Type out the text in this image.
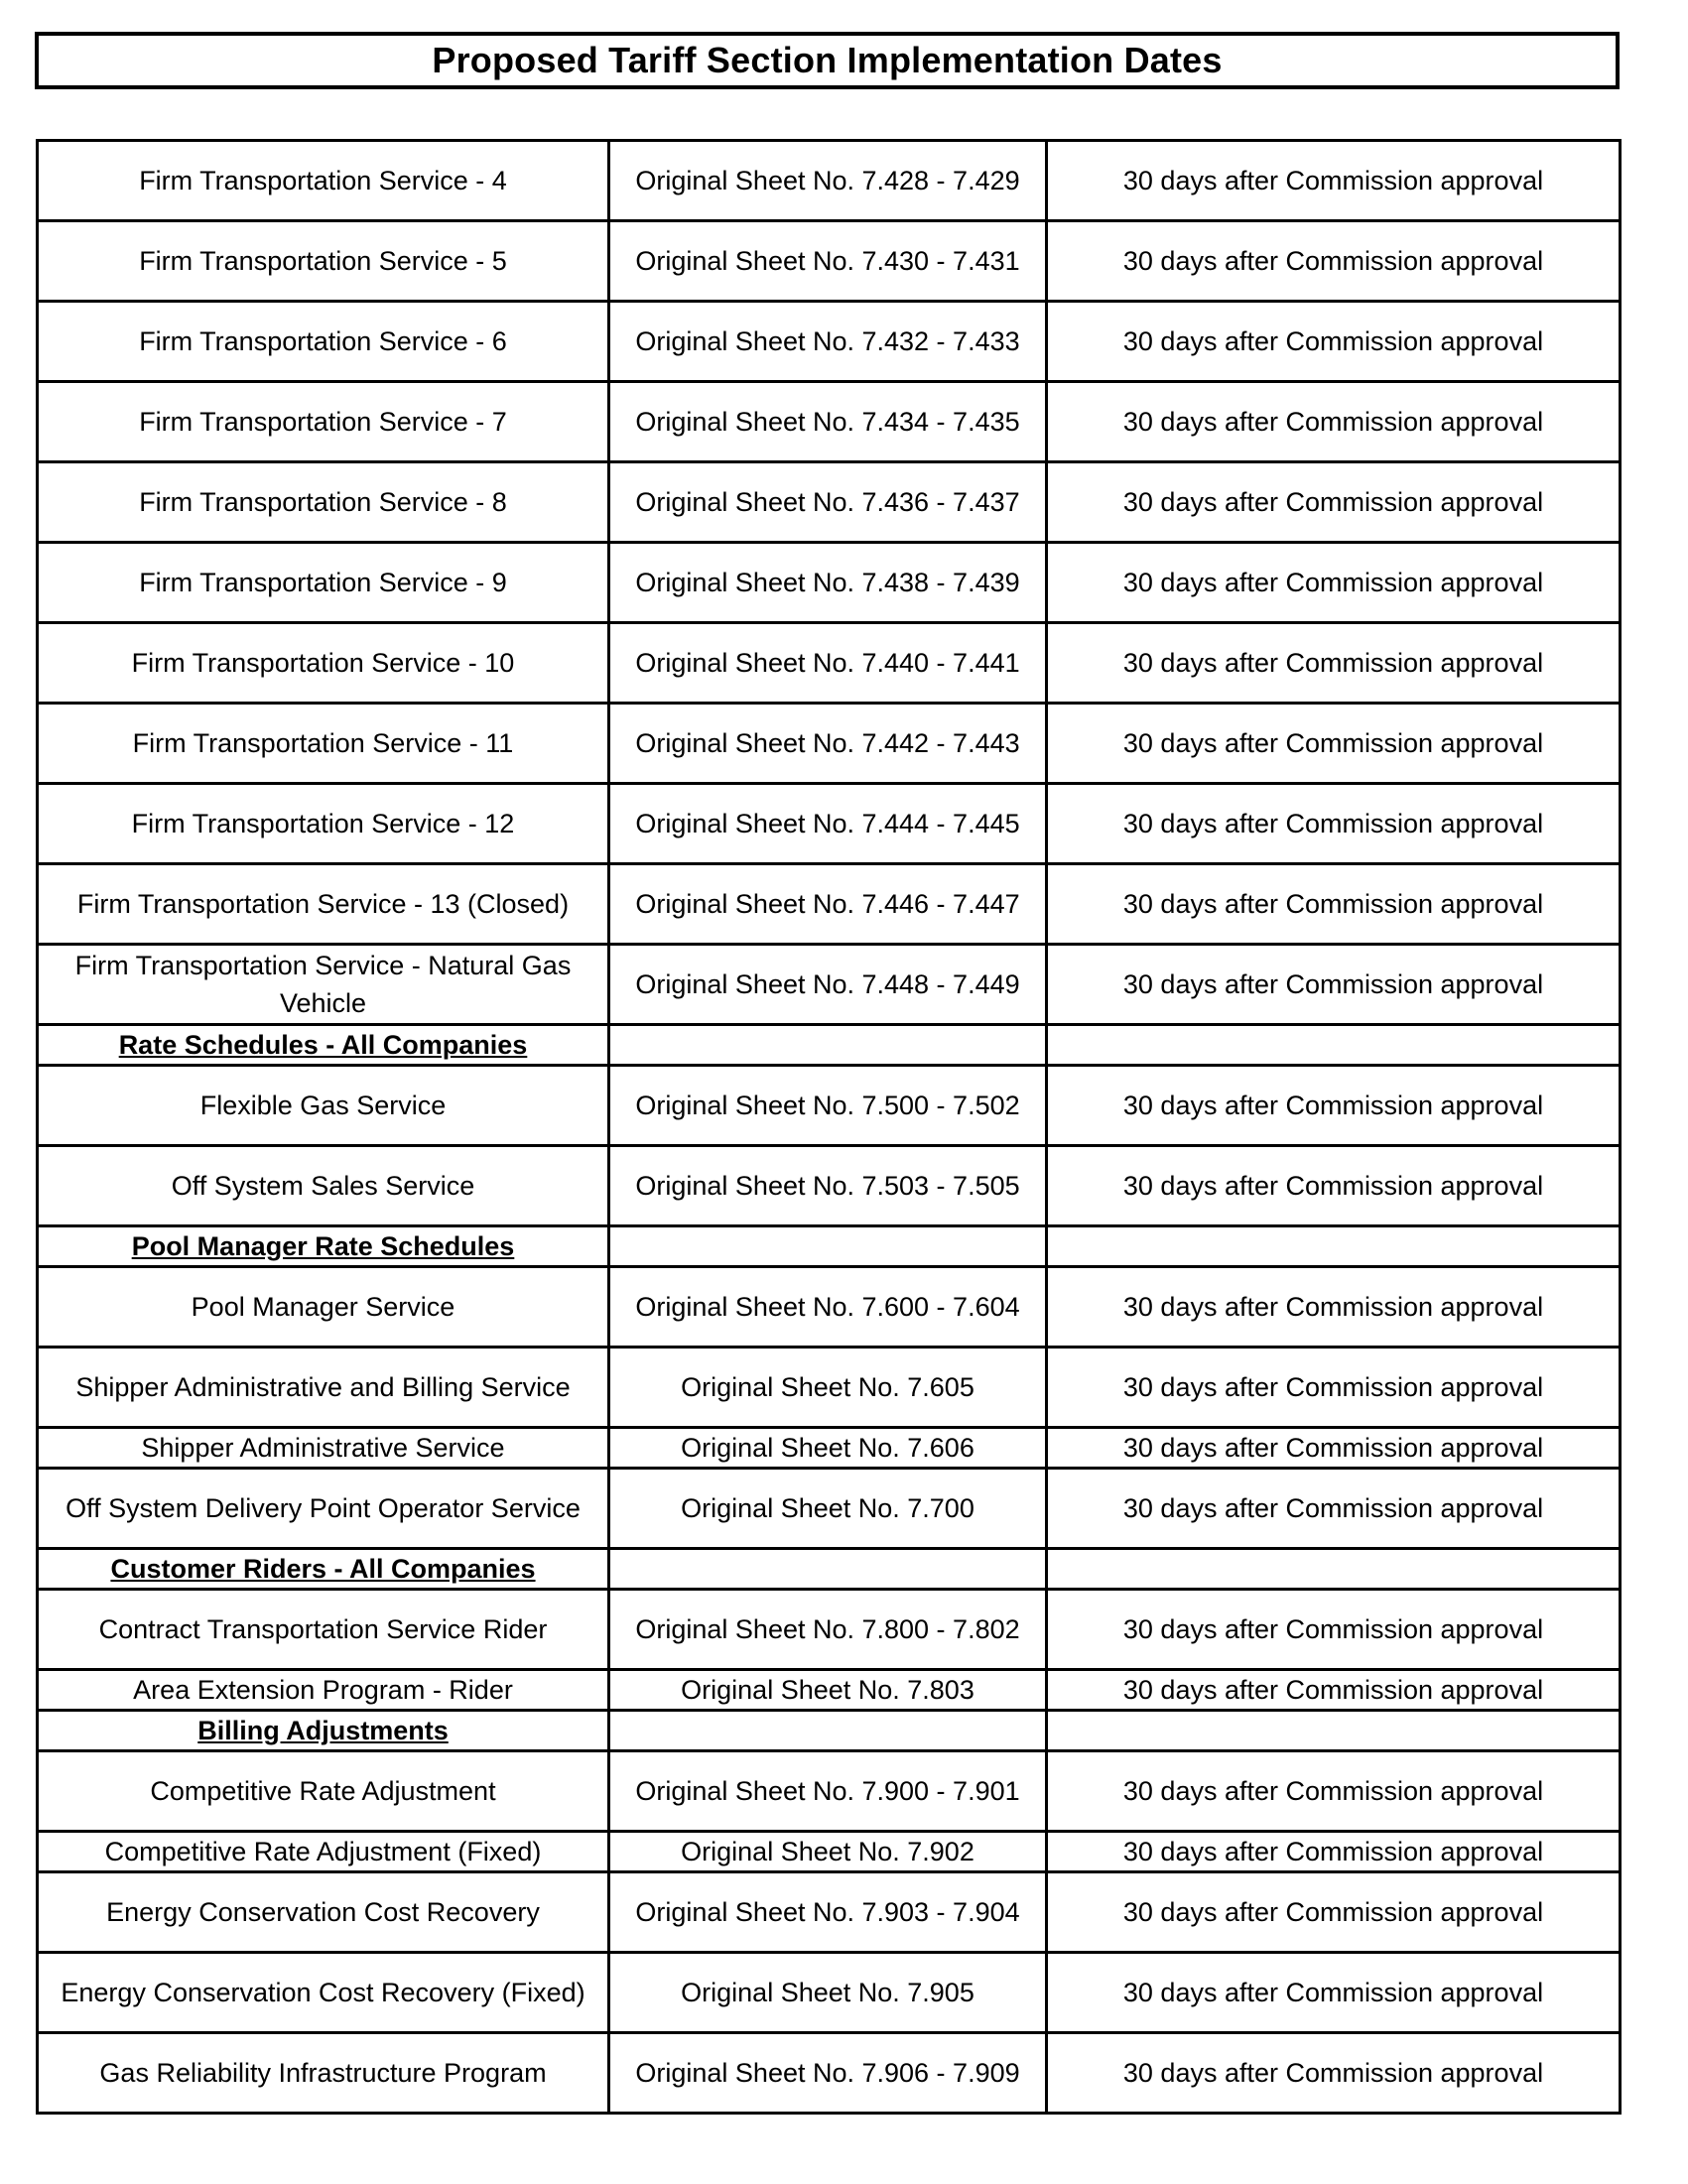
Proposed Tariff Section Implementation Dates
Firm Transportation Service - 4	Original Sheet No. 7.428 - 7.429	30 days after Commission approval
Firm Transportation Service - 5	Original Sheet No. 7.430 - 7.431	30 days after Commission approval
Firm Transportation Service - 6	Original Sheet No. 7.432 - 7.433	30 days after Commission approval
Firm Transportation Service - 7	Original Sheet No. 7.434 - 7.435	30 days after Commission approval
Firm Transportation Service - 8	Original Sheet No. 7.436 - 7.437	30 days after Commission approval
Firm Transportation Service - 9	Original Sheet No. 7.438 - 7.439	30 days after Commission approval
Firm Transportation Service - 10	Original Sheet No. 7.440 - 7.441	30 days after Commission approval
Firm Transportation Service - 11	Original Sheet No. 7.442 - 7.443	30 days after Commission approval
Firm Transportation Service - 12	Original Sheet No. 7.444 - 7.445	30 days after Commission approval
Firm Transportation Service - 13 (Closed)	Original Sheet No. 7.446 - 7.447	30 days after Commission approval
Firm Transportation Service - Natural Gas Vehicle	Original Sheet No. 7.448 - 7.449	30 days after Commission approval
Rate Schedules - All Companies		
Flexible Gas Service	Original Sheet No. 7.500 - 7.502	30 days after Commission approval
Off System Sales Service	Original Sheet No. 7.503 - 7.505	30 days after Commission approval
Pool Manager Rate Schedules		
Pool Manager Service	Original Sheet No. 7.600 - 7.604	30 days after Commission approval
Shipper Administrative and Billing Service	Original Sheet No. 7.605	30 days after Commission approval
Shipper Administrative Service	Original Sheet No. 7.606	30 days after Commission approval
Off System Delivery Point Operator Service	Original Sheet No. 7.700	30 days after Commission approval
Customer Riders - All Companies		
Contract Transportation Service Rider	Original Sheet No. 7.800 - 7.802	30 days after Commission approval
Area Extension Program - Rider	Original Sheet No. 7.803	30 days after Commission approval
Billing Adjustments		
Competitive Rate Adjustment	Original Sheet No. 7.900 - 7.901	30 days after Commission approval
Competitive Rate Adjustment (Fixed)	Original Sheet No. 7.902	30 days after Commission approval
Energy Conservation Cost Recovery	Original Sheet No. 7.903 - 7.904	30 days after Commission approval
Energy Conservation Cost Recovery (Fixed)	Original Sheet No. 7.905	30 days after Commission approval
Gas Reliability Infrastructure Program	Original Sheet No. 7.906 - 7.909	30 days after Commission approval
